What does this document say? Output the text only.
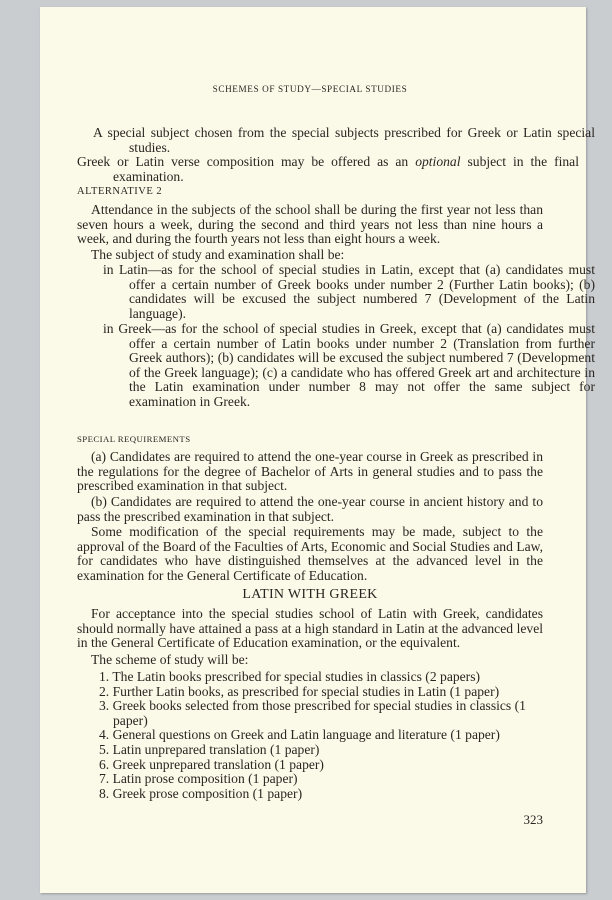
SCHEMES OF STUDY—SPECIAL STUDIES
A special subject chosen from the special subjects prescribed for Greek or Latin special studies.
Greek or Latin verse composition may be offered as an optional subject in the final examination.
ALTERNATIVE 2
Attendance in the subjects of the school shall be during the first year not less than seven hours a week, during the second and third years not less than nine hours a week, and during the fourth years not less than eight hours a week.
The subject of study and examination shall be:
in Latin—as for the school of special studies in Latin, except that (a) candidates must offer a certain number of Greek books under number 2 (Further Latin books); (b) candidates will be excused the subject numbered 7 (Development of the Latin language).
in Greek—as for the school of special studies in Greek, except that (a) candidates must offer a certain number of Latin books under number 2 (Translation from further Greek authors); (b) candidates will be excused the subject numbered 7 (Development of the Greek language); (c) a candidate who has offered Greek art and architecture in the Latin examination under number 8 may not offer the same subject for examination in Greek.
SPECIAL REQUIREMENTS
(a) Candidates are required to attend the one-year course in Greek as prescribed in the regulations for the degree of Bachelor of Arts in general studies and to pass the prescribed examination in that subject.
(b) Candidates are required to attend the one-year course in ancient history and to pass the prescribed examination in that subject.
Some modification of the special requirements may be made, subject to the approval of the Board of the Faculties of Arts, Economic and Social Studies and Law, for candidates who have distinguished themselves at the advanced level in the examination for the General Certificate of Education.
LATIN WITH GREEK
For acceptance into the special studies school of Latin with Greek, candidates should normally have attained a pass at a high standard in Latin at the advanced level in the General Certificate of Education examination, or the equivalent.
The scheme of study will be:
1. The Latin books prescribed for special studies in classics (2 papers)
2. Further Latin books, as prescribed for special studies in Latin (1 paper)
3. Greek books selected from those prescribed for special studies in classics (1 paper)
4. General questions on Greek and Latin language and literature (1 paper)
5. Latin unprepared translation (1 paper)
6. Greek unprepared translation (1 paper)
7. Latin prose composition (1 paper)
8. Greek prose composition (1 paper)
323
